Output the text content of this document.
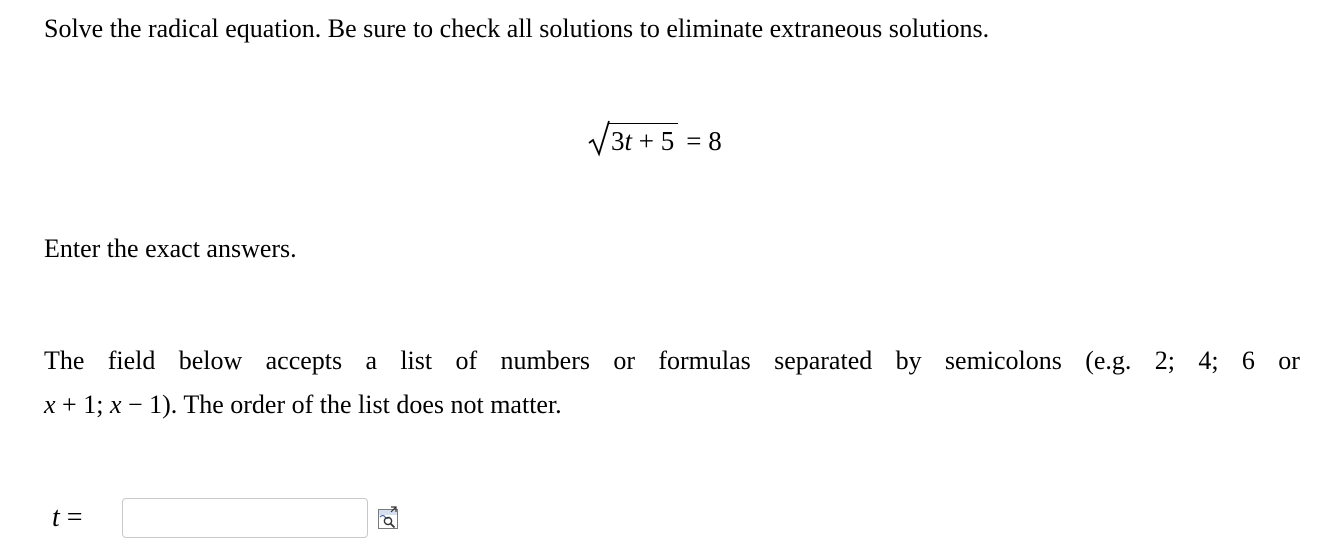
Solve the radical equation. Be sure to check all solutions to eliminate extraneous solutions.
3t + 5 = 8
Enter the exact answers.
The field below accepts a list of numbers or formulas separated by semicolons (e.g. 2; 4; 6 or
x + 1; x − 1). The order of the list does not matter.
t =
